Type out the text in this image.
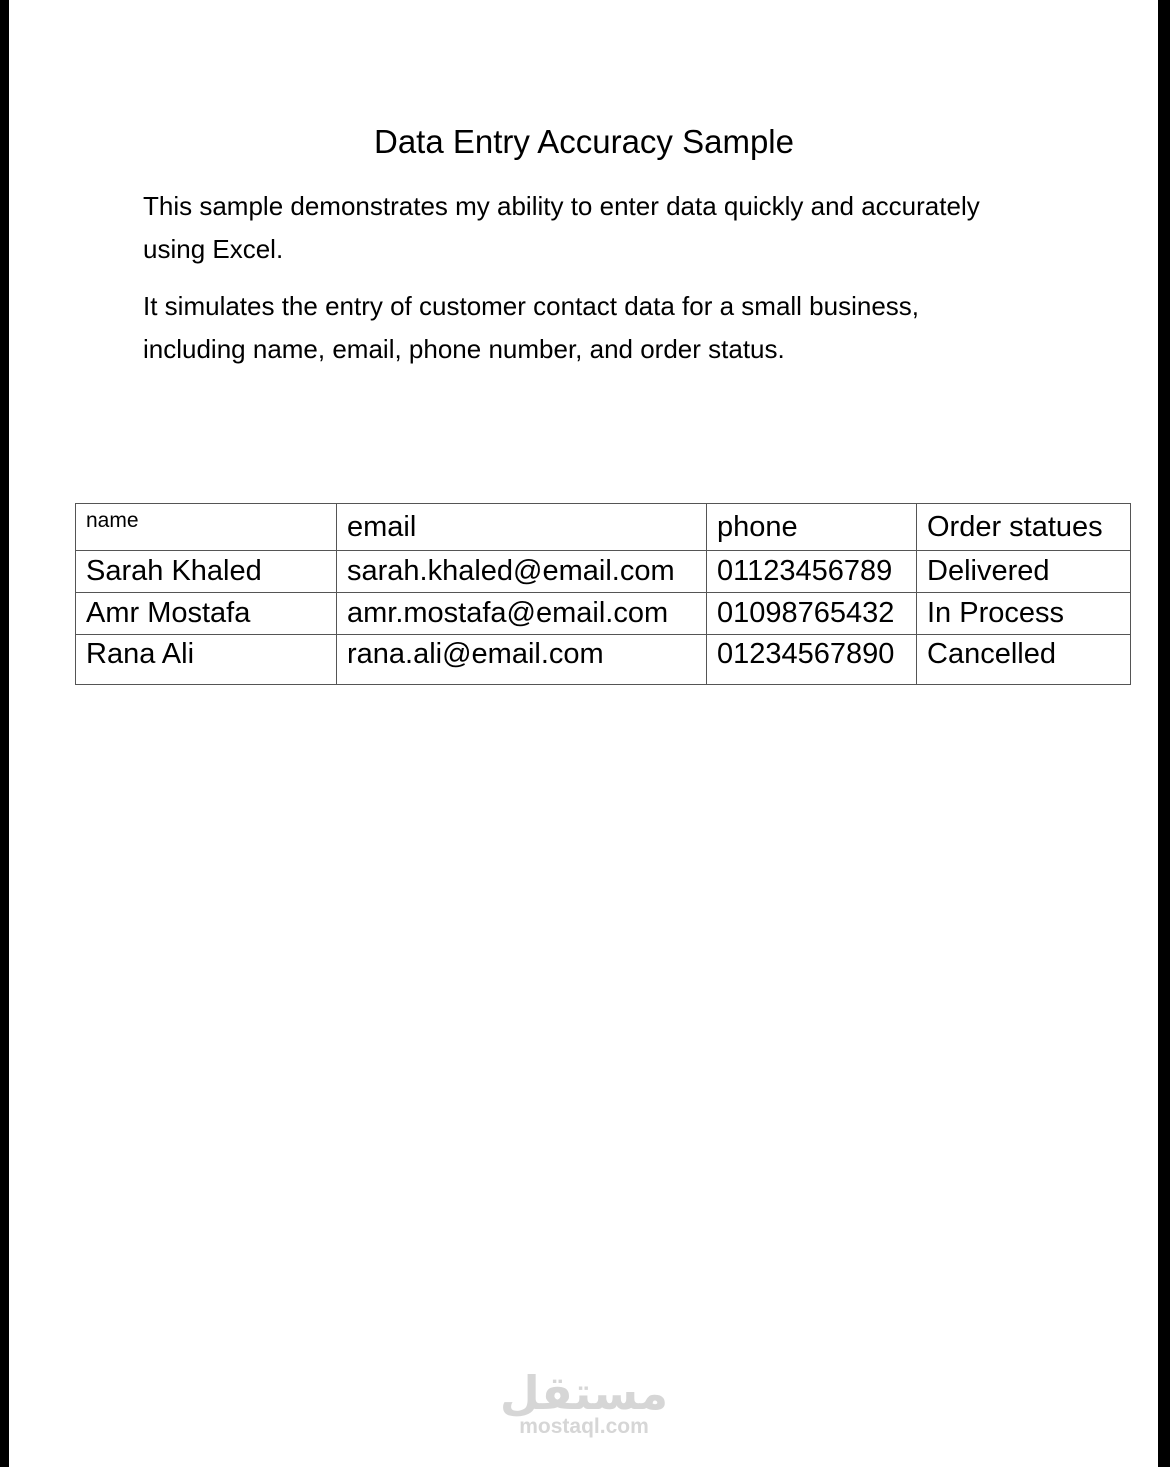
Data Entry Accuracy Sample

This sample demonstrates my ability to enter data quickly and accurately using Excel.

It simulates the entry of customer contact data for a small business, including name, email, phone number, and order status.

name	email	phone	Order statues
Sarah Khaled	sarah.khaled@email.com	01123456789	Delivered
Amr Mostafa	amr.mostafa@email.com	01098765432	In Process
Rana Ali	rana.ali@email.com	01234567890	Cancelled
مستقل
mostaql.com
